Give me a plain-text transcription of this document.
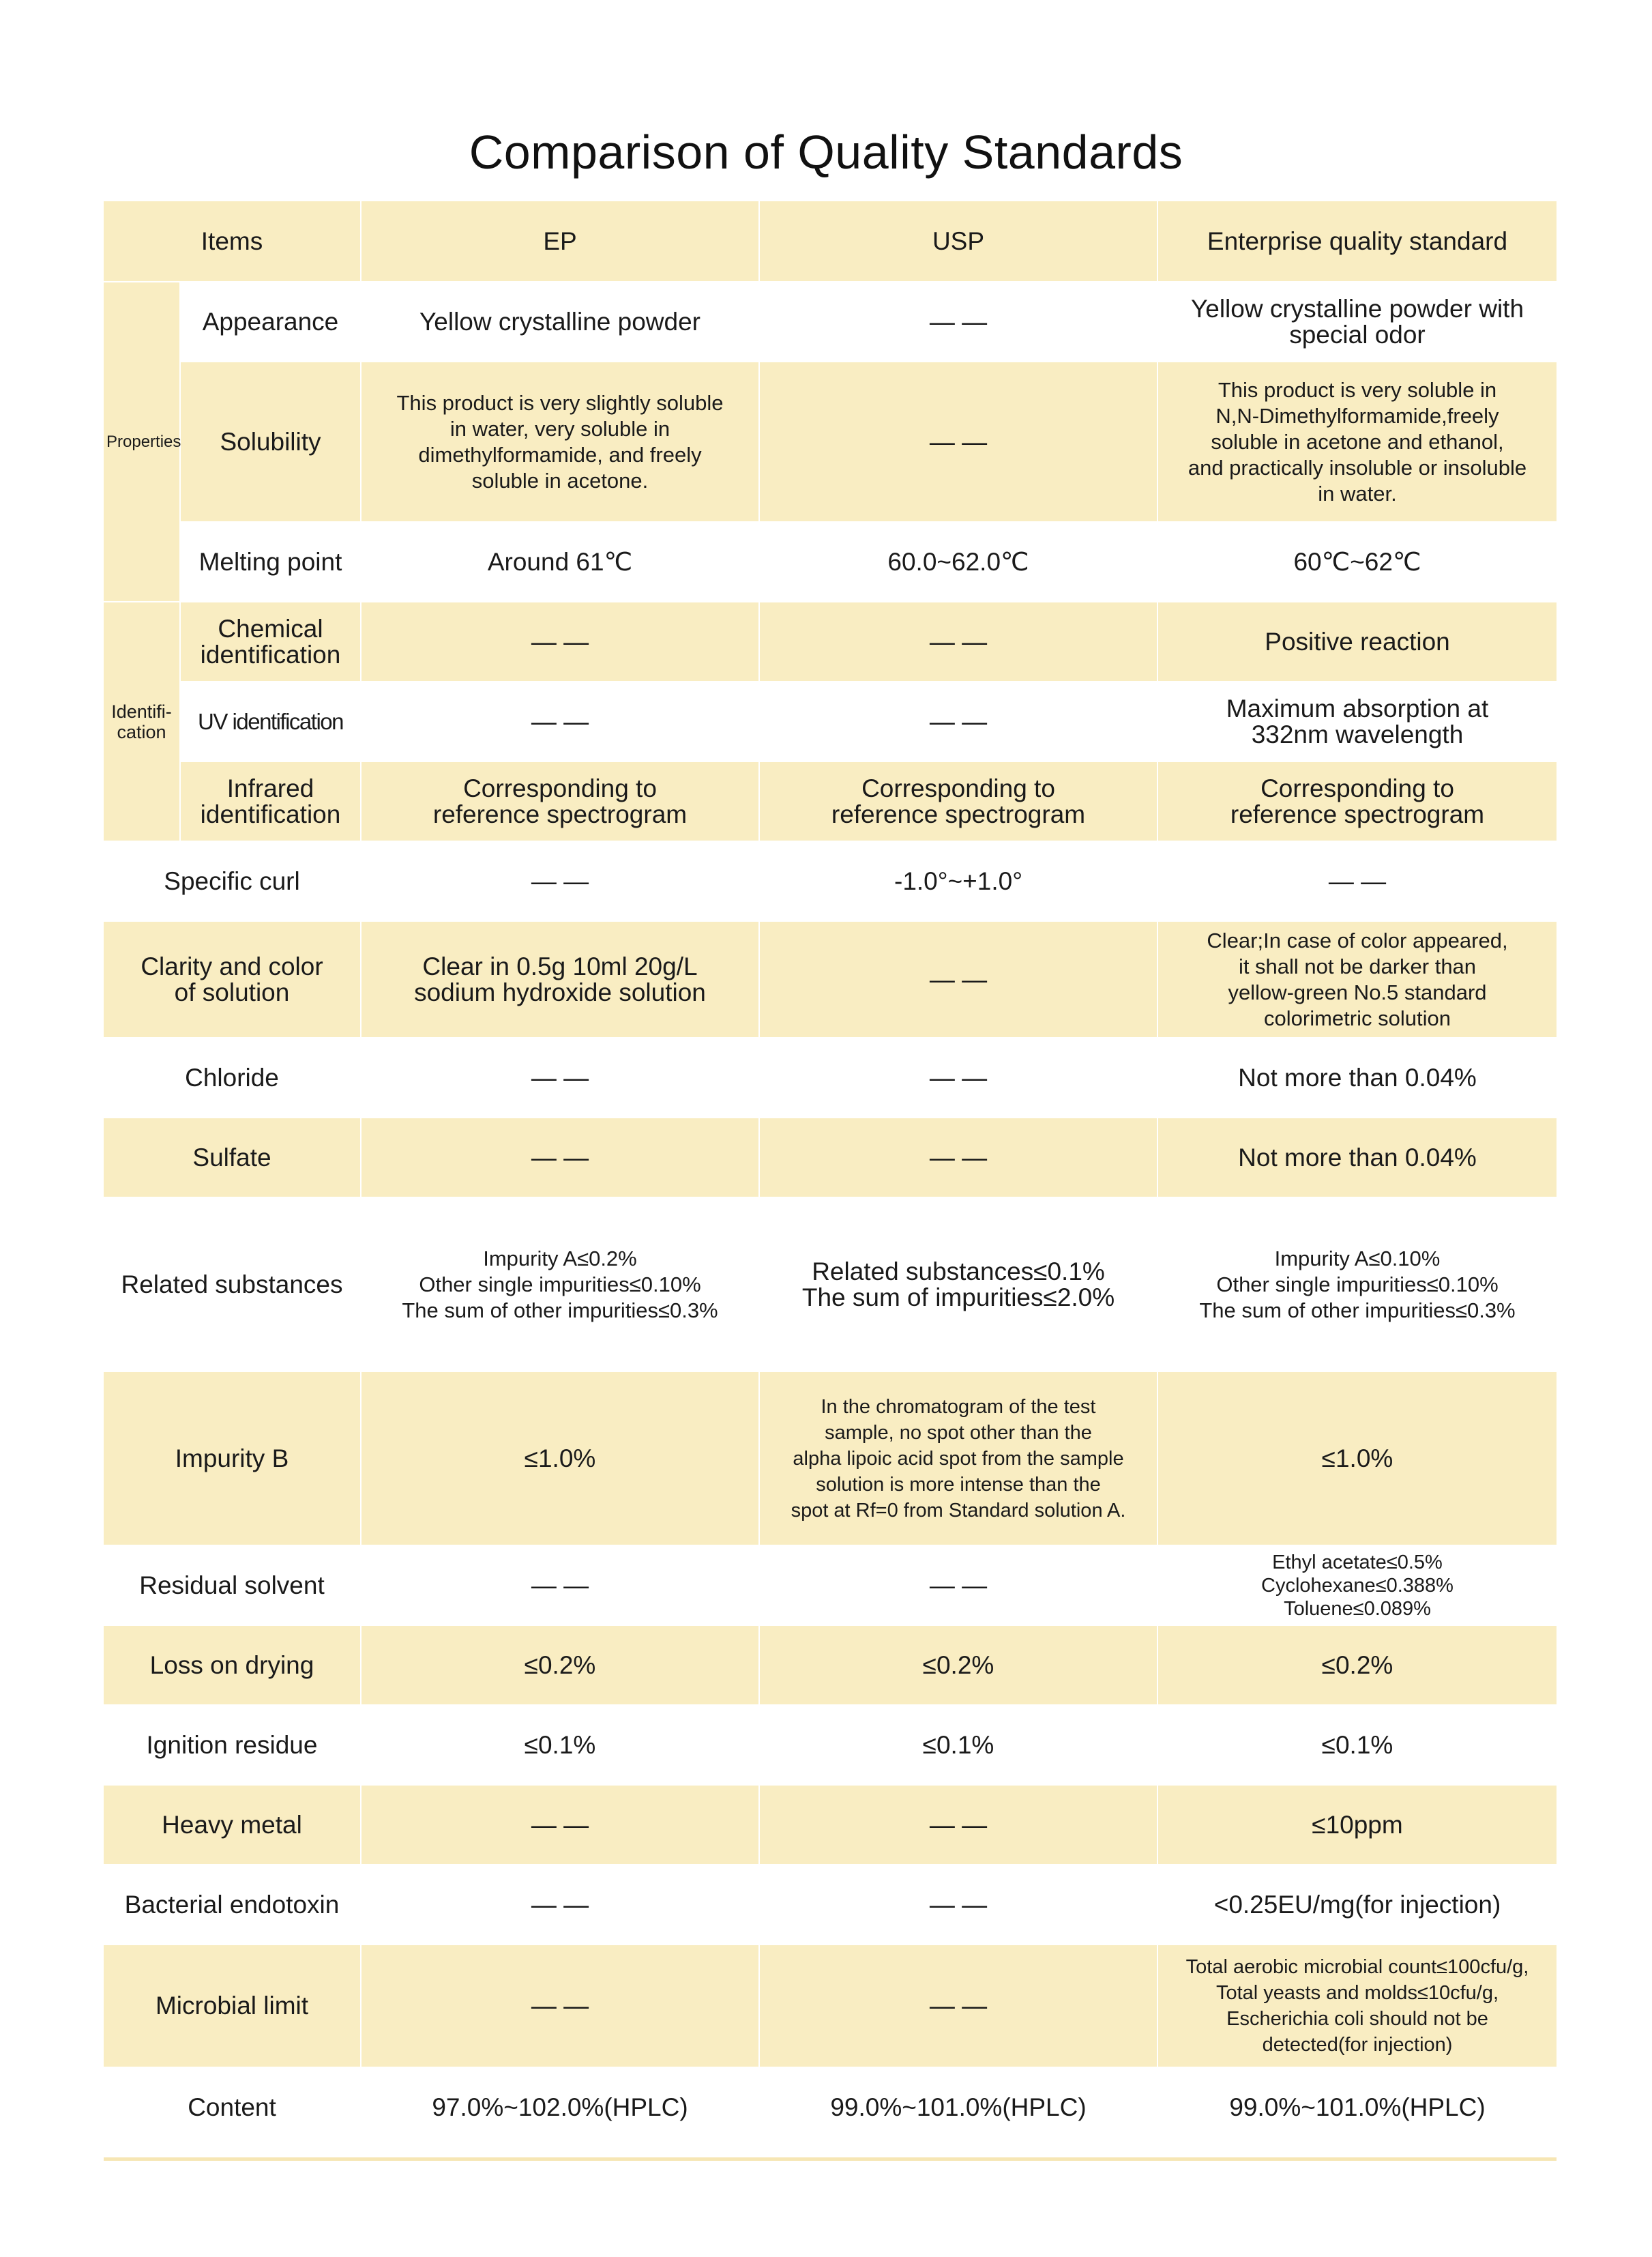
Comparison of Quality Standards
Items		EP	USP	Enterprise quality standard
Properties	Appearance	Yellow crystalline powder	— —	Yellow crystalline powder with
special odor
	Solubility	This product is very slightly soluble
in water, very soluble in
dimethylformamide, and freely
soluble in acetone.	— —	This product is very soluble in
N,N-Dimethylformamide,freely
soluble in acetone and ethanol,
and practically insoluble or insoluble
in water.
	Melting point	Around 61℃	60.0~62.0℃	60℃~62℃
Identifi-
cation	Chemical
identification	— —	— —	Positive reaction
	UV identification	— —	— —	Maximum absorption at
332nm wavelength
	Infrared
identification	Corresponding to
reference spectrogram	Corresponding to
reference spectrogram	Corresponding to
reference spectrogram
Specific curl		— —	-1.0°~+1.0°	— —
Clarity and color
of solution		Clear in 0.5g 10ml 20g/L
sodium hydroxide solution	— —	Clear;In case of color appeared,
it shall not be darker than
yellow-green No.5 standard
colorimetric solution
Chloride		— —	— —	Not more than 0.04%
Sulfate		— —	— —	Not more than 0.04%
Related substances		Impurity A≤0.2%
Other single impurities≤0.10%
The sum of other impurities≤0.3%	Related substances≤0.1%
The sum of impurities≤2.0%	Impurity A≤0.10%
Other single impurities≤0.10%
The sum of other impurities≤0.3%
Impurity B		≤1.0%	In the chromatogram of the test
sample, no spot other than the
alpha lipoic acid spot from the sample
solution is more intense than the
spot at Rf=0 from Standard solution A.	≤1.0%
Residual solvent		— —	— —	Ethyl acetate≤0.5%
Cyclohexane≤0.388%
Toluene≤0.089%
Loss on drying		≤0.2%	≤0.2%	≤0.2%
Ignition residue		≤0.1%	≤0.1%	≤0.1%
Heavy metal		— —	— —	≤10ppm
Bacterial endotoxin		— —	— —	<0.25EU/mg(for injection)
Microbial limit		— —	— —	Total aerobic microbial count≤100cfu/g,
Total yeasts and molds≤10cfu/g,
Escherichia coli should not be
detected(for injection)
Content		97.0%~102.0%(HPLC)	99.0%~101.0%(HPLC)	99.0%~101.0%(HPLC)
